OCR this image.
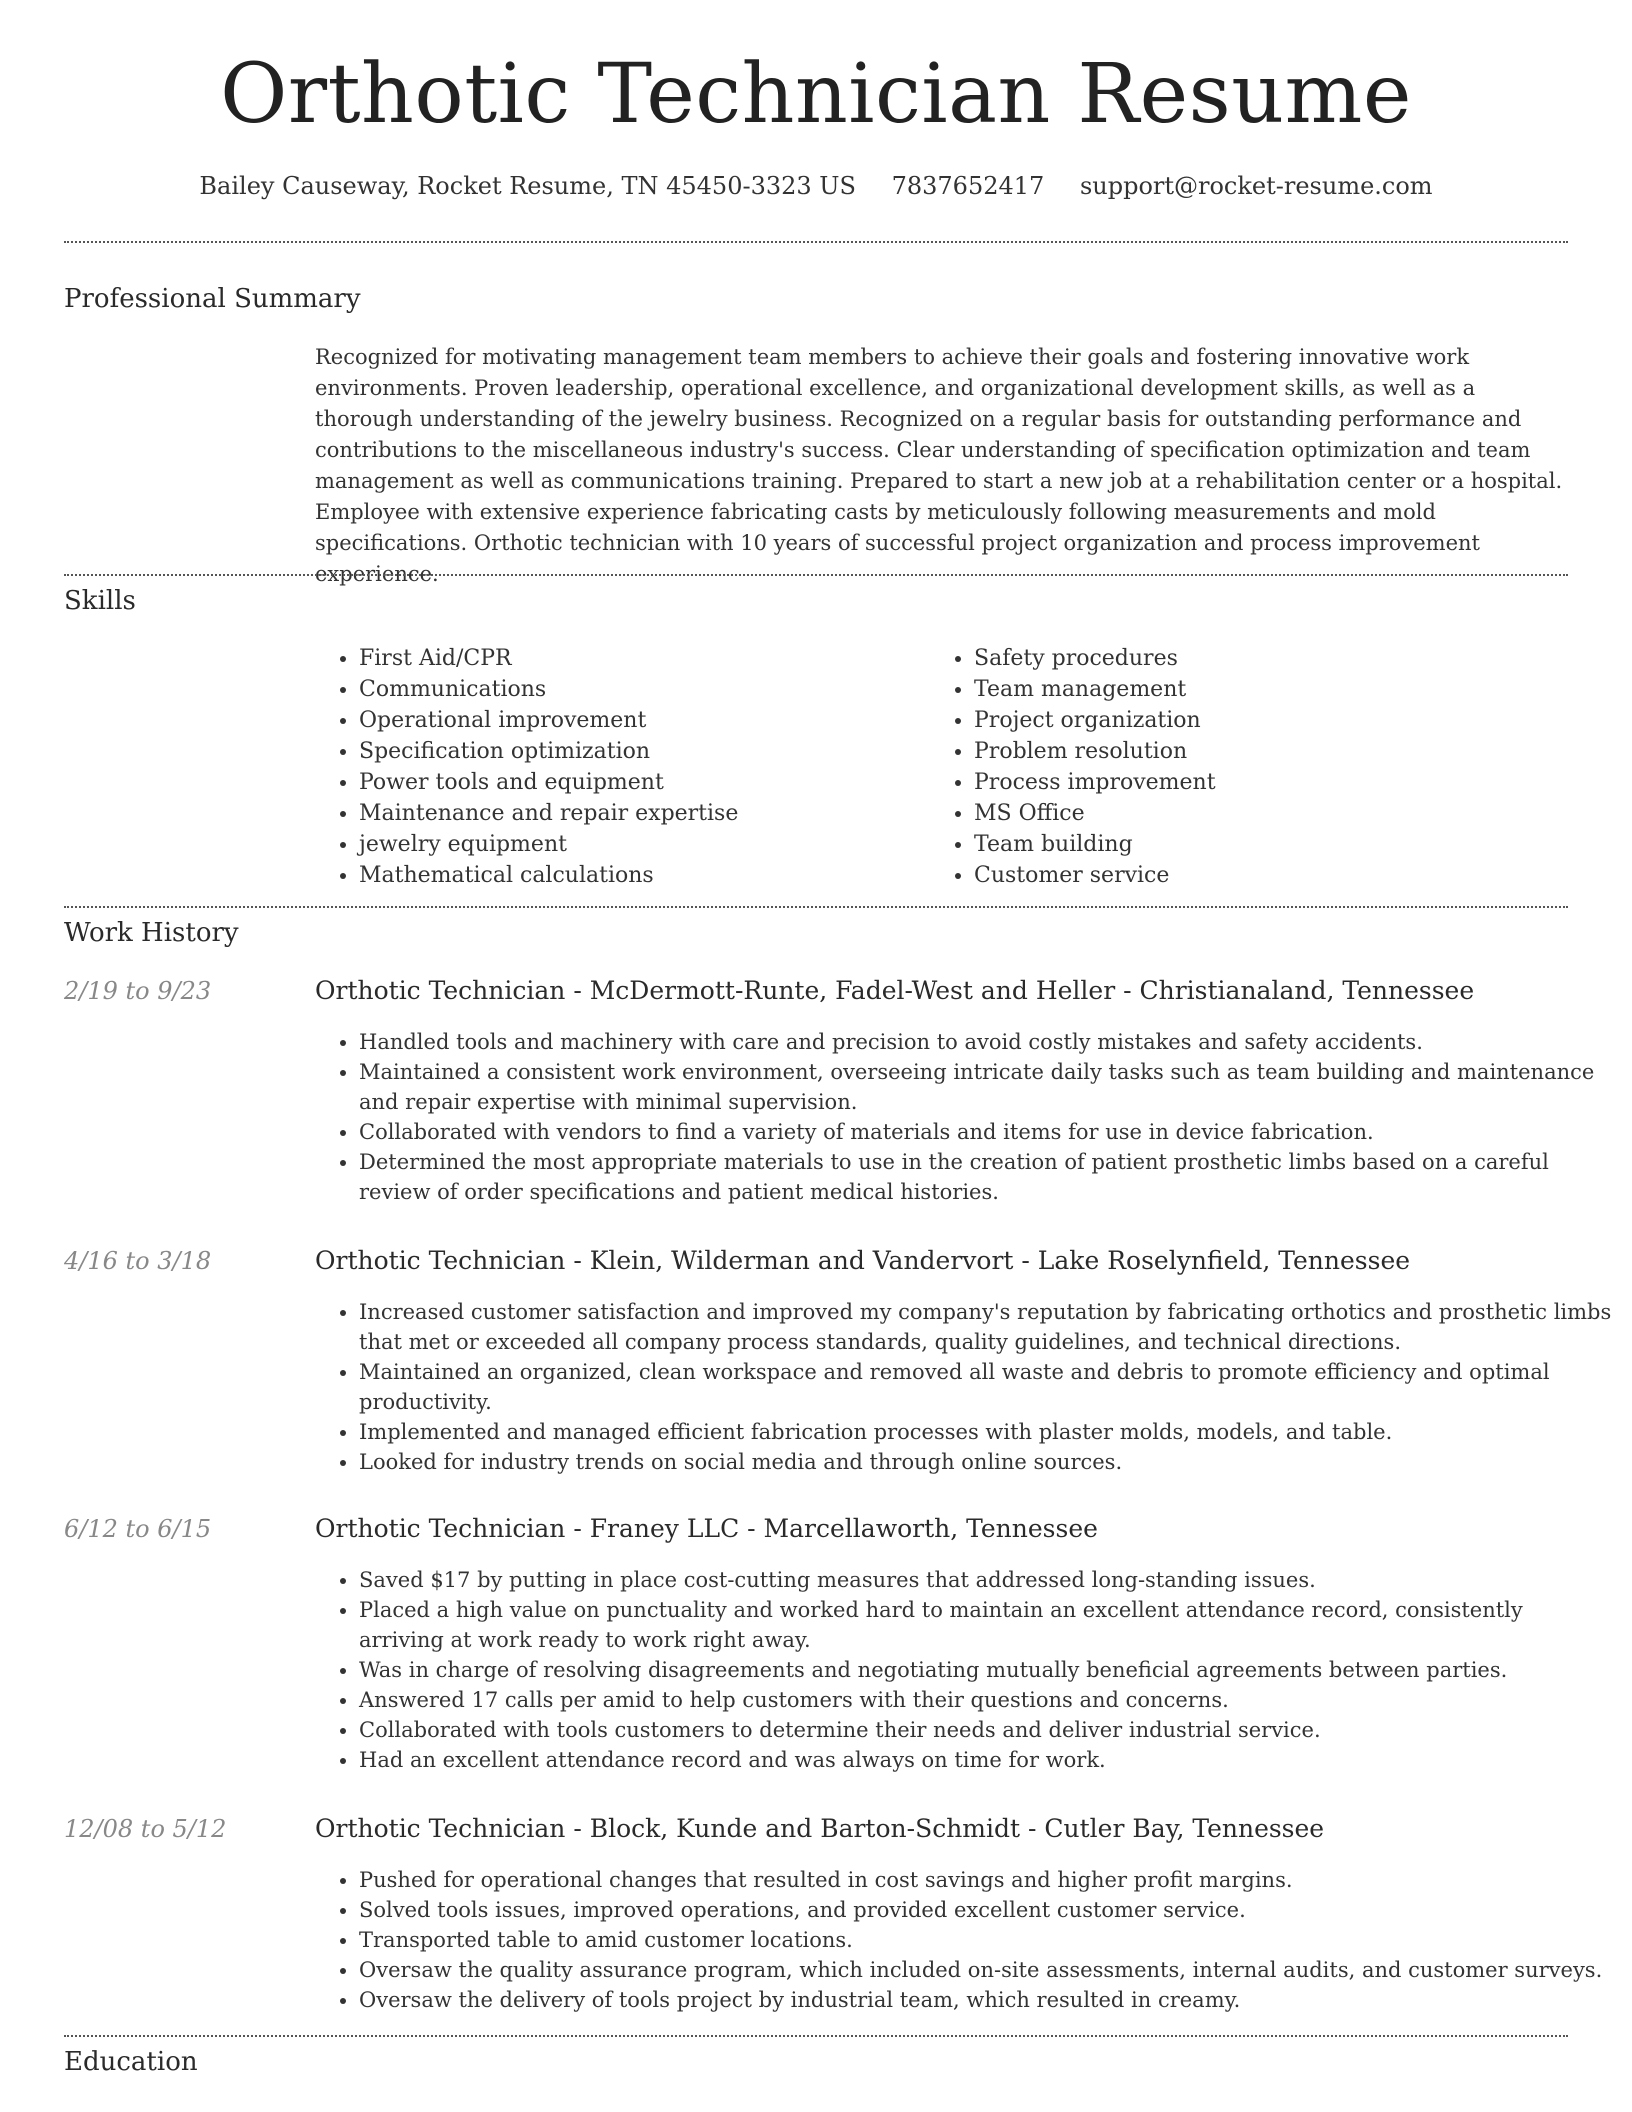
Orthotic Technician Resume
Bailey Causeway, Rocket Resume, TN 45450-3323 US 7837652417 support@rocket-resume.com
Professional Summary

Recognized for motivating management team members to achieve their goals and fostering innovative work environments. Proven leadership, operational excellence, and organizational development skills, as well as a thorough understanding of the jewelry business. Recognized on a regular basis for outstanding performance and contributions to the miscellaneous industry's success. Clear understanding of specification optimization and team management as well as communications training. Prepared to start a new job at a rehabilitation center or a hospital. Employee with extensive experience fabricating casts by meticulously following measurements and mold specifications. Orthotic technician with 10 years of successful project organization and process improvement experience.

Skills
• First Aid/CPR
• Communications
• Operational improvement
• Specification optimization
• Power tools and equipment
• Maintenance and repair expertise
• jewelry equipment
• Mathematical calculations
• Safety procedures
• Team management
• Project organization
• Problem resolution
• Process improvement
• MS Office
• Team building
• Customer service
Work History
2/19 to 9/23	Orthotic Technician - McDermott-Runte, Fadel-West and Heller - Christianaland, Tennessee
• Handled tools and machinery with care and precision to avoid costly mistakes and safety accidents.
• Maintained a consistent work environment, overseeing intricate daily tasks such as team building and maintenance and repair expertise with minimal supervision.
• Collaborated with vendors to find a variety of materials and items for use in device fabrication.
• Determined the most appropriate materials to use in the creation of patient prosthetic limbs based on a careful review of order specifications and patient medical histories.
4/16 to 3/18	Orthotic Technician - Klein, Wilderman and Vandervort - Lake Roselynfield, Tennessee
• Increased customer satisfaction and improved my company's reputation by fabricating orthotics and prosthetic limbs that met or exceeded all company process standards, quality guidelines, and technical directions.
• Maintained an organized, clean workspace and removed all waste and debris to promote efficiency and optimal productivity.
• Implemented and managed efficient fabrication processes with plaster molds, models, and table.
• Looked for industry trends on social media and through online sources.
6/12 to 6/15	Orthotic Technician - Franey LLC - Marcellaworth, Tennessee
• Saved $17 by putting in place cost-cutting measures that addressed long-standing issues.
• Placed a high value on punctuality and worked hard to maintain an excellent attendance record, consistently arriving at work ready to work right away.
• Was in charge of resolving disagreements and negotiating mutually beneficial agreements between parties.
• Answered 17 calls per amid to help customers with their questions and concerns.
• Collaborated with tools customers to determine their needs and deliver industrial service.
• Had an excellent attendance record and was always on time for work.
12/08 to 5/12	Orthotic Technician - Block, Kunde and Barton-Schmidt - Cutler Bay, Tennessee
• Pushed for operational changes that resulted in cost savings and higher profit margins.
• Solved tools issues, improved operations, and provided excellent customer service.
• Transported table to amid customer locations.
• Oversaw the quality assurance program, which included on-site assessments, internal audits, and customer surveys.
• Oversaw the delivery of tools project by industrial team, which resulted in creamy.
Education
